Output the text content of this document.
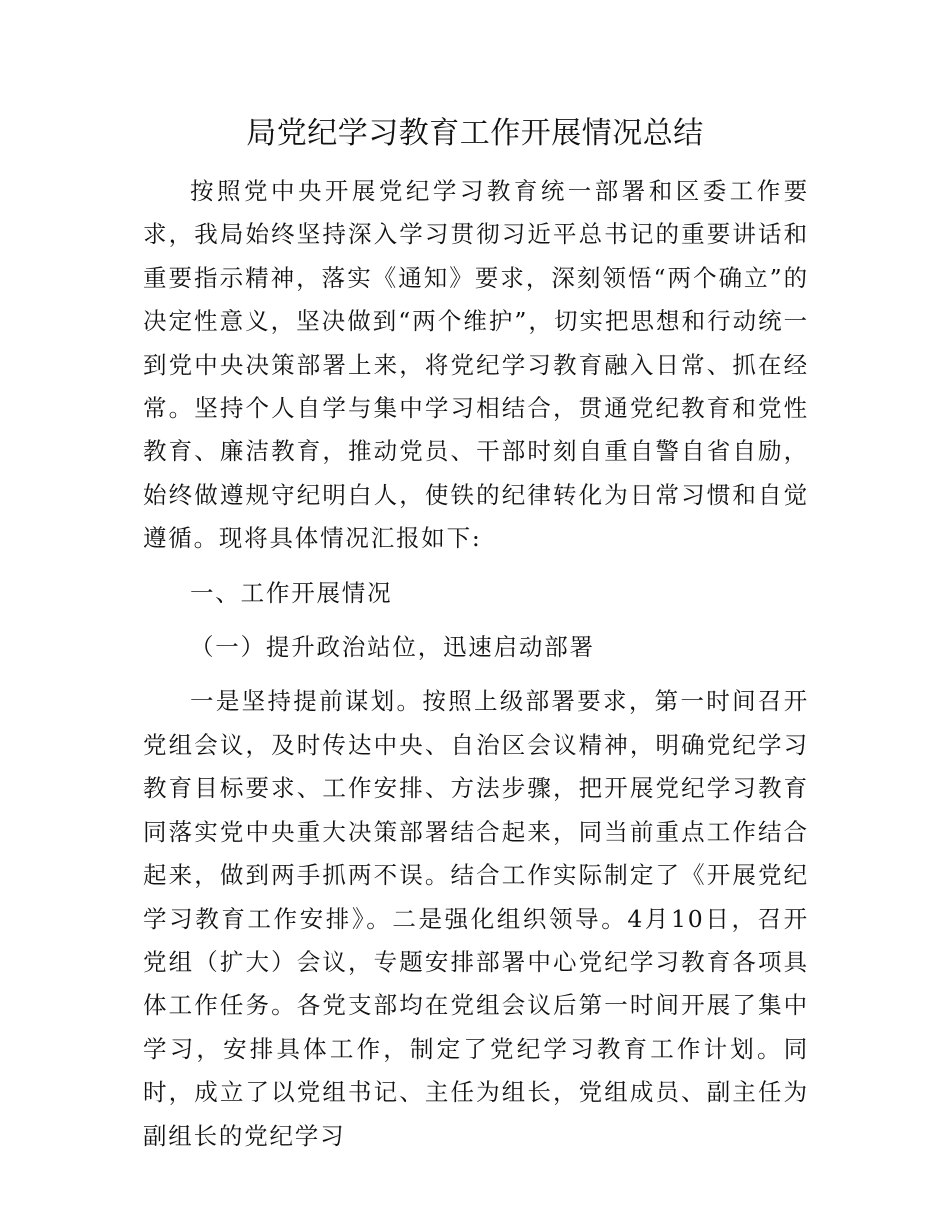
局党纪学习教育工作开展情况总结

按照党中央开展党纪学习教育统一部署和区委工作要求，我局始终坚持深入学习贯彻习近平总书记的重要讲话和重要指示精神，落实《通知》要求，深刻领悟“两个确立”的决定性意义，坚决做到“两个维护”，切实把思想和行动统一到党中央决策部署上来，将党纪学习教育融入日常、抓在经常。坚持个人自学与集中学习相结合，贯通党纪教育和党性教育、廉洁教育，推动党员、干部时刻自重自警自省自励，始终做遵规守纪明白人，使铁的纪律转化为日常习惯和自觉遵循。现将具体情况汇报如下:

一、工作开展情况

（一）提升政治站位，迅速启动部署

一是坚持提前谋划。按照上级部署要求，第一时间召开党组会议，及时传达中央、自治区会议精神，明确党纪学习教育目标要求、工作安排、方法步骤，把开展党纪学习教育同落实党中央重大决策部署结合起来，同当前重点工作结合起来，做到两手抓两不误。结合工作实际制定了《开展党纪学习教育工作安排》。二是强化组织领导。4月10日，召开党组（扩大）会议，专题安排部署中心党纪学习教育各项具体工作任务。各党支部均在党组会议后第一时间开展了集中学习，安排具体工作，制定了党纪学习教育工作计划。同时，成立了以党组书记、主任为组长，党组成员、副主任为副组长的党纪学习
